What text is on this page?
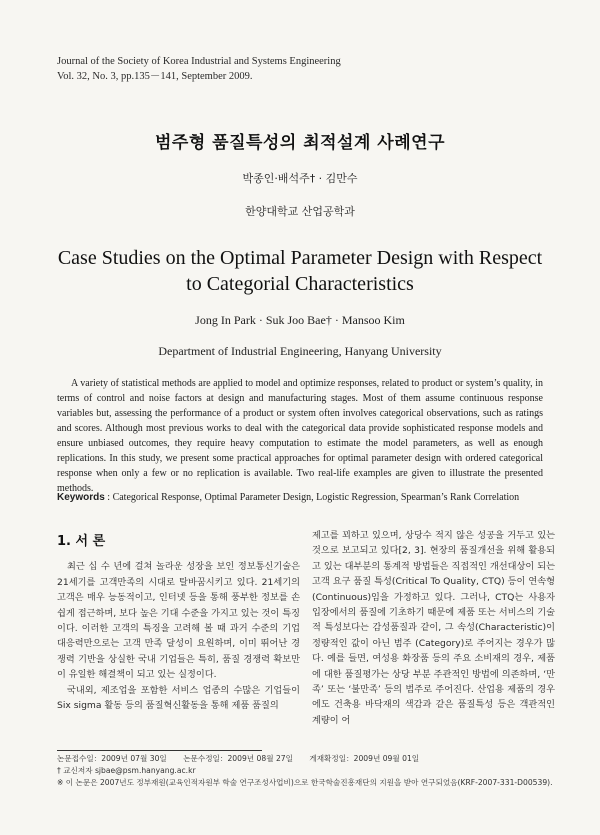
Journal of the Society of Korea Industrial and Systems Engineering
Vol. 32, No. 3, pp.135－141, September 2009.
범주형 품질특성의 최적설계 사례연구
박종인·배석주† · 김만수
한양대학교 산업공학과
Case Studies on the Optimal Parameter Design with Respect
to Categorial Characteristics
Jong In Park · Suk Joo Bae† · Mansoo Kim
Department of Industrial Engineering, Hanyang University
A variety of statistical methods are applied to model and optimize responses, related to product or system’s quality, in terms of control and noise factors at design and manufacturing stages. Most of them assume continuous response variables but, assessing the performance of a product or system often involves categorical observations, such as ratings and scores. Although most previous works to deal with the categorical data provide sophisticated response models and ensure unbiased outcomes, they require heavy computation to estimate the model parameters, as well as enough replications. In this study, we present some practical approaches for optimal parameter design with ordered categorical response when only a few or no replication is available. Two real-life examples are given to illustrate the presented methods.
Keywords : Categorical Response, Optimal Parameter Design, Logistic Regression, Spearman’s Rank Correlation
1. 서 론

최근 십 수 년에 걸쳐 놀라운 성장을 보인 정보통신기술은 21세기를 고객만족의 시대로 탈바꿈시키고 있다. 21세기의 고객은 매우 능동적이고, 인터넷 등을 통해 풍부한 정보를 손쉽게 접근하며, 보다 높은 기대 수준을 가지고 있는 것이 특징이다. 이러한 고객의 특징을 고려해 볼 때 과거 수준의 기업 대응력만으로는 고객 만족 달성이 요원하며, 이미 뛰어난 경쟁력 기반을 상실한 국내 기업들은 특히, 품질 경쟁력 확보만이 유일한 해결책이 되고 있는 실정이다.

국내외, 제조업을 포함한 서비스 업종의 수많은 기업들이 Six sigma 활동 등의 품질혁신활동을 통해 제품 품질의

제고를 꾀하고 있으며, 상당수 적지 않은 성공을 거두고 있는 것으로 보고되고 있다[2, 3]. 현장의 품질개선을 위해 활용되고 있는 대부분의 통계적 방법들은 직접적인 개선대상이 되는 고객 요구 품질 특성(Critical To Quality, CTQ) 등이 연속형(Continuous)임을 가정하고 있다. 그러나, CTQ는 사용자 입장에서의 품질에 기초하기 때문에 제품 또는 서비스의 기술적 특성보다는 감성품질과 같이, 그 속성(Characteristic)이 정량적인 값이 아닌 범주 (Category)로 주어지는 경우가 많다. 예를 들면, 여성용 화장품 등의 주요 소비재의 경우, 제품에 대한 품질평가는 상당 부분 주관적인 방법에 의존하며, ‘만족’ 또는 ‘불만족’ 등의 범주로 주어진다. 산업용 제품의 경우에도 건축용 바닥재의 색감과 같은 품질특성 등은 객관적인 계량이 어

논문접수일：2009년 07월 30일 논문수정일：2009년 08월 27일 게재확정일：2009년 09월 01일
† 교신저자 sjbae@psm.hanyang.ac.kr
※ 이 논문은 2007년도 정부재원(교육인적자원부 학술 연구조성사업비)으로 한국학술진흥재단의 지원을 받아 연구되었음(KRF-2007-331-D00539).
